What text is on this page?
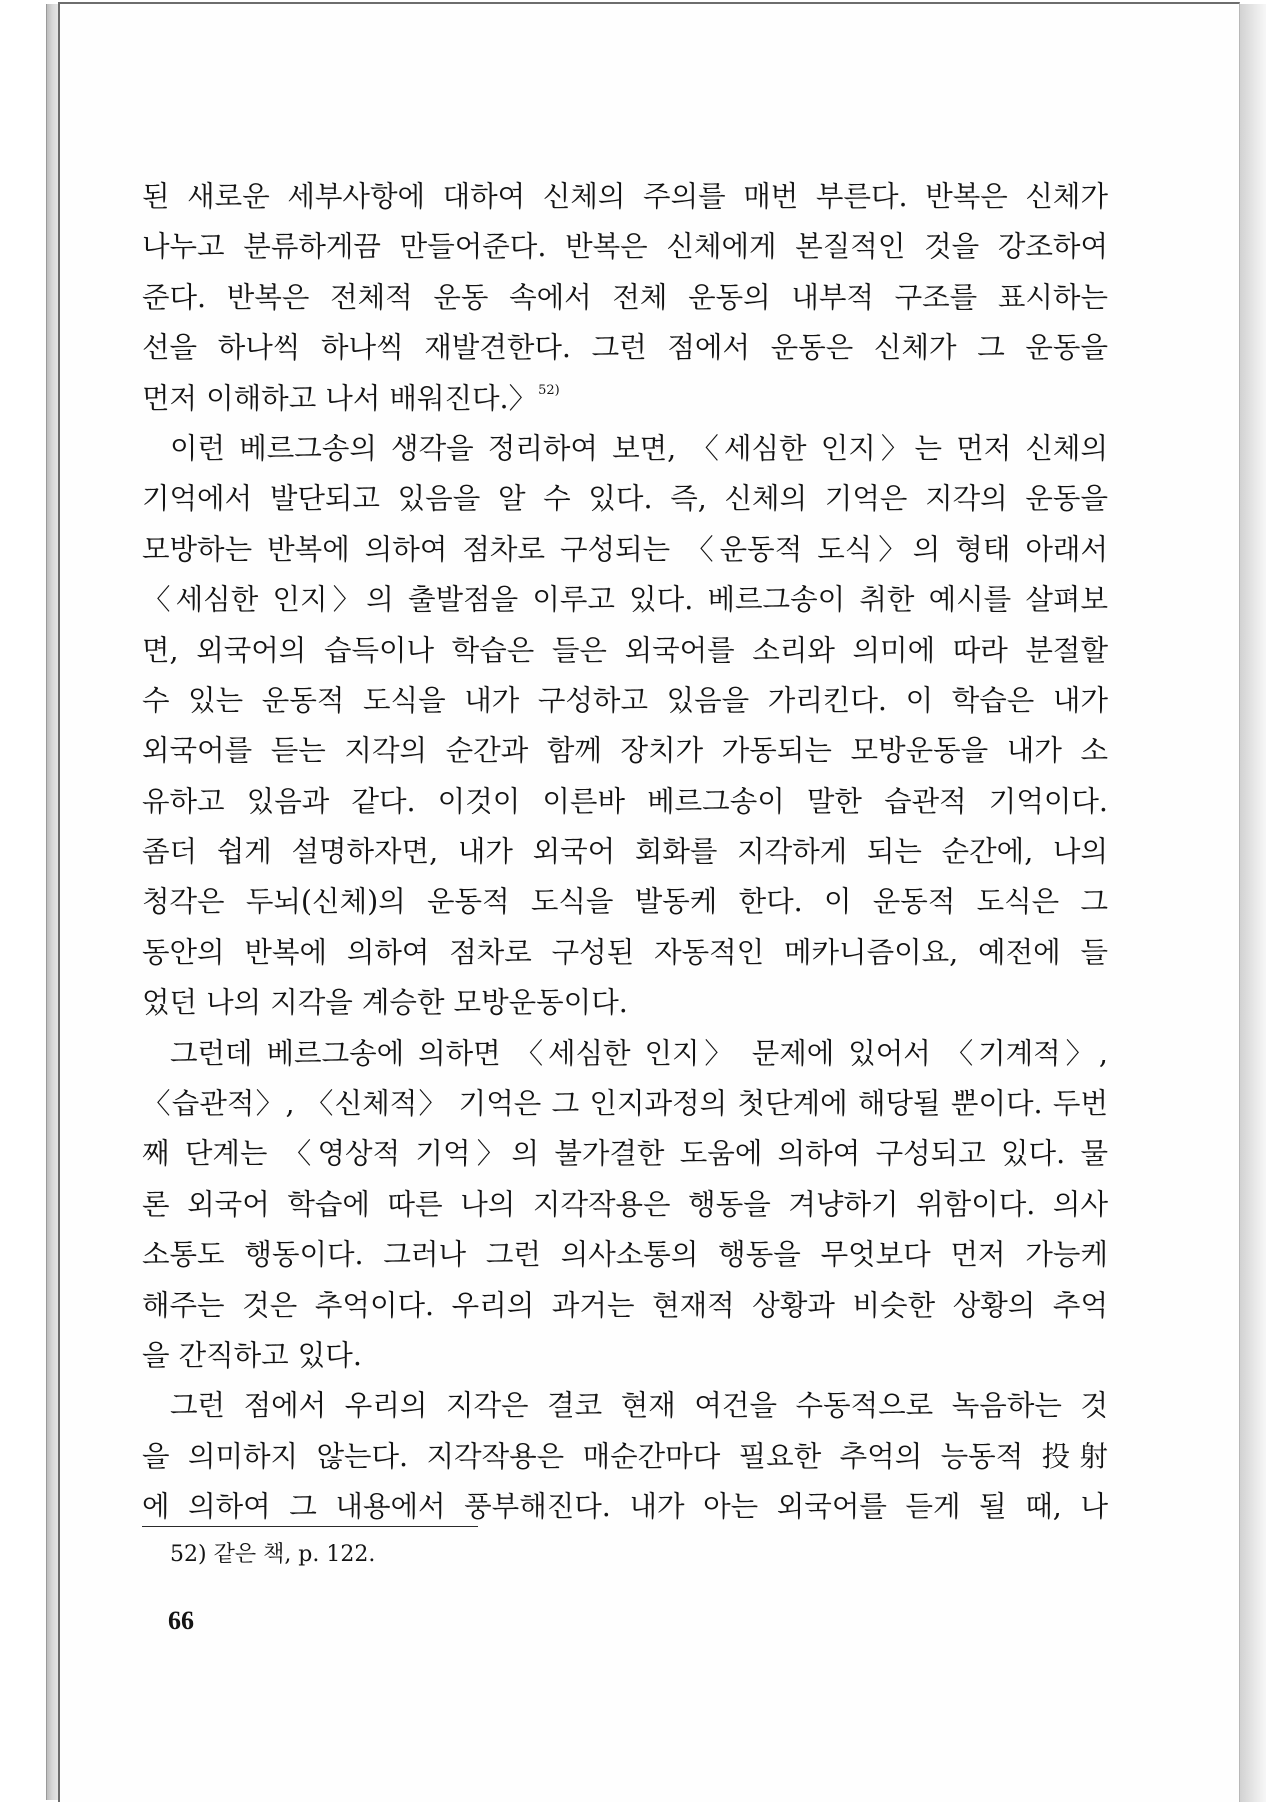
된 새로운 세부사항에 대하여 신체의 주의를 매번 부른다. 반복은 신체가
나누고 분류하게끔 만들어준다. 반복은 신체에게 본질적인 것을 강조하여
준다. 반복은 전체적 운동 속에서 전체 운동의 내부적 구조를 표시하는
선을 하나씩 하나씩 재발견한다. 그런 점에서 운동은 신체가 그 운동을
먼저 이해하고 나서 배워진다.〉$^{52)}$
이런 베르그송의 생각을 정리하여 보면, 〈세심한 인지〉는 먼저 신체의
기억에서 발단되고 있음을 알 수 있다. 즉, 신체의 기억은 지각의 운동을
모방하는 반복에 의하여 점차로 구성되는 〈운동적 도식〉의 형태 아래서
〈세심한 인지〉의 출발점을 이루고 있다. 베르그송이 취한 예시를 살펴보
면, 외국어의 습득이나 학습은 들은 외국어를 소리와 의미에 따라 분절할
수 있는 운동적 도식을 내가 구성하고 있음을 가리킨다. 이 학습은 내가
외국어를 듣는 지각의 순간과 함께 장치가 가동되는 모방운동을 내가 소
유하고 있음과 같다. 이것이 이른바 베르그송이 말한 습관적 기억이다.
좀더 쉽게 설명하자면, 내가 외국어 회화를 지각하게 되는 순간에, 나의
청각은 두뇌(신체)의 운동적 도식을 발동케 한다. 이 운동적 도식은 그
동안의 반복에 의하여 점차로 구성된 자동적인 메카니즘이요, 예전에 들
었던 나의 지각을 계승한 모방운동이다.
그런데 베르그송에 의하면 〈세심한 인지〉 문제에 있어서 〈기계적〉,
〈습관적〉, 〈신체적〉 기억은 그 인지과정의 첫단계에 해당될 뿐이다. 두번
째 단계는 〈영상적 기억〉의 불가결한 도움에 의하여 구성되고 있다. 물
론 외국어 학습에 따른 나의 지각작용은 행동을 겨냥하기 위함이다. 의사
소통도 행동이다. 그러나 그런 의사소통의 행동을 무엇보다 먼저 가능케
해주는 것은 추억이다. 우리의 과거는 현재적 상황과 비슷한 상황의 추억
을 간직하고 있다.
그런 점에서 우리의 지각은 결코 현재 여건을 수동적으로 녹음하는 것
을 의미하지 않는다. 지각작용은 매순간마다 필요한 추억의 능동적 投射
에 의하여 그 내용에서 풍부해진다. 내가 아는 외국어를 듣게 될 때, 나
52) 같은 책, p. 122.
66
